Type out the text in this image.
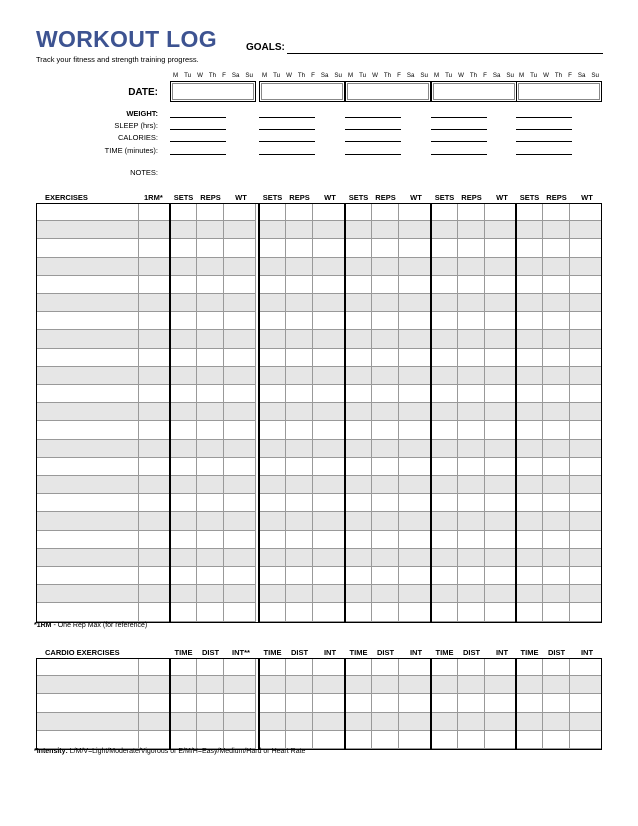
WORKOUT LOG
Track your fitness and strength training progress.
GOALS:
DATE:
NOTES:
M Tu W Th F Sa Su M Tu W Th F Sa Su M Tu W Th F Sa Su M Tu W Th F Sa Su M Tu W Th F Sa Su
WEIGHT:
SLEEP (hrs):
CALORIES:
TIME (minutes):
EXERCISES	1RM*	SETS REPS	WT	SETS REPS	WT	SETS REPS	WT	SETS REPS	WT	SETS REPS	WT
CARDIO EXERCISES	TIME	DIST	INT**	TIME	DIST	INT	TIME	DIST	INT	TIME	DIST	INT	TIME	DIST	INT
*1RM - One Rep Max (for reference)
*Intensity: L/M/V=Light/Moderate/Vigorous or E/M/H=Easy/Medium/Hard or Heart Rate
